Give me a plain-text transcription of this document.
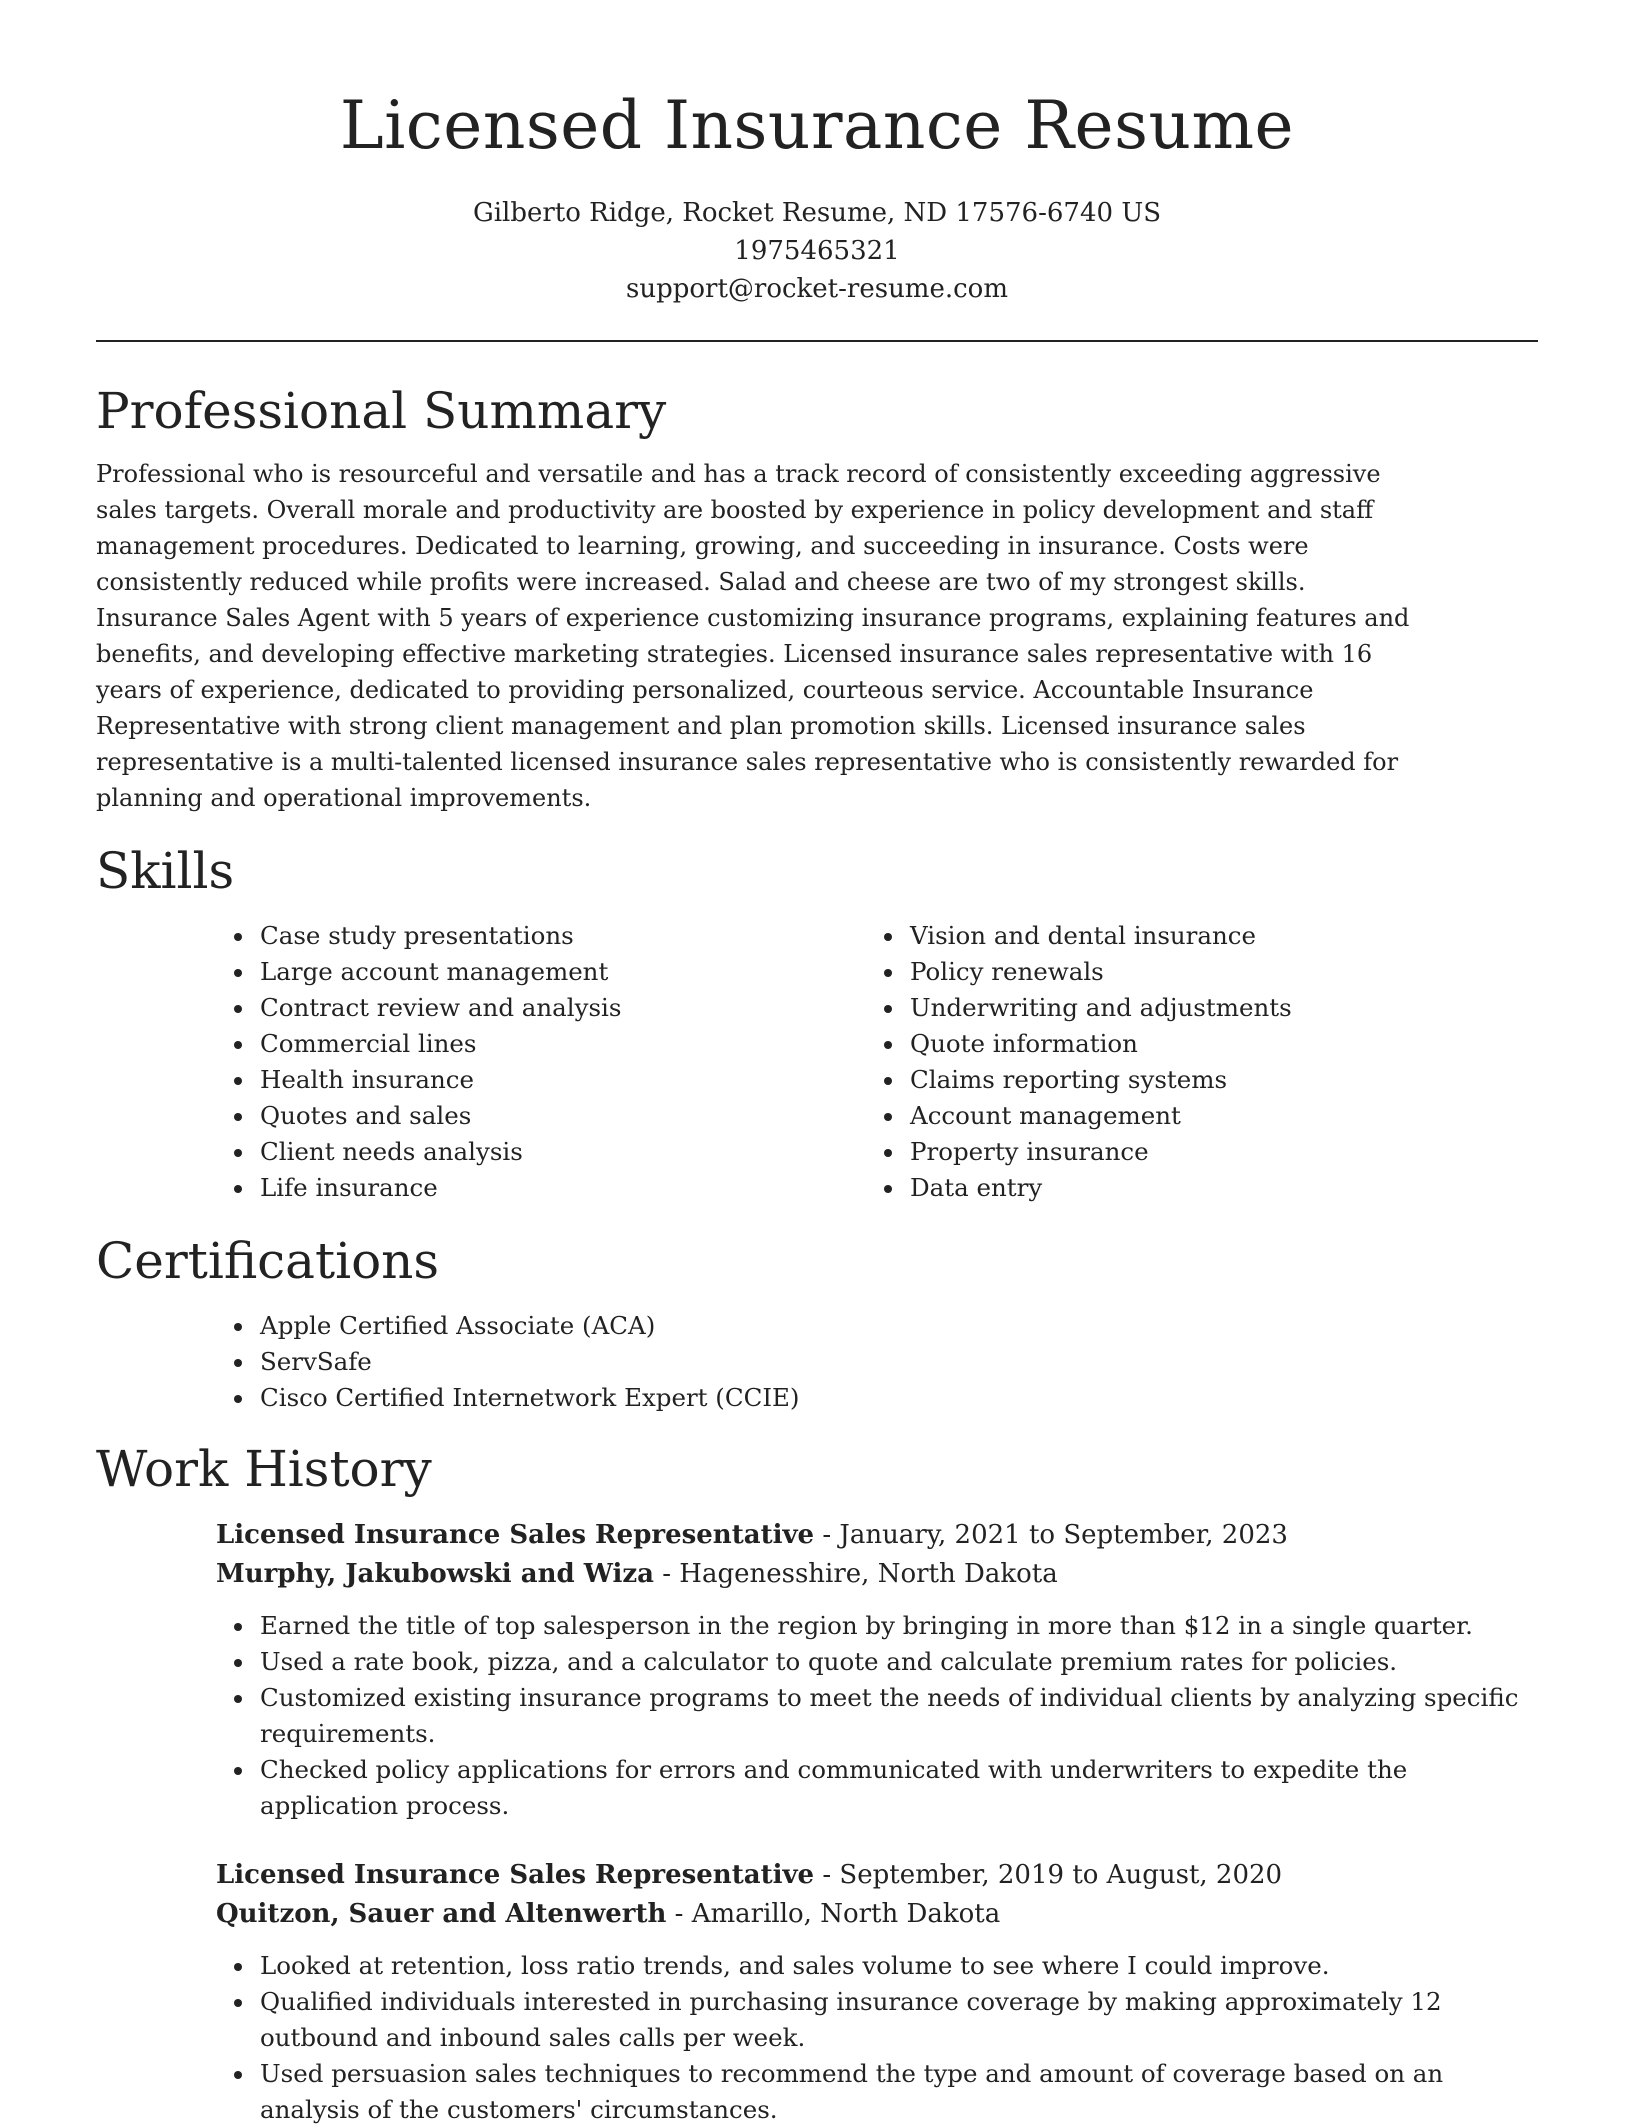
Licensed Insurance Resume
Gilberto Ridge, Rocket Resume, ND 17576-6740 US
1975465321
support@rocket-resume.com
Professional Summary

Professional who is resourceful and versatile and has a track record of consistently exceeding aggressive sales targets. Overall morale and productivity are boosted by experience in policy development and staff management procedures. Dedicated to learning, growing, and succeeding in insurance. Costs were consistently reduced while profits were increased. Salad and cheese are two of my strongest skills. Insurance Sales Agent with 5 years of experience customizing insurance programs, explaining features and benefits, and developing effective marketing strategies. Licensed insurance sales representative with 16 years of experience, dedicated to providing personalized, courteous service. Accountable Insurance Representative with strong client management and plan promotion skills. Licensed insurance sales representative is a multi-talented licensed insurance sales representative who is consistently rewarded for planning and operational improvements.

Skills
Case study presentations
Large account management
Contract review and analysis
Commercial lines
Health insurance
Quotes and sales
Client needs analysis
Life insurance
Vision and dental insurance
Policy renewals
Underwriting and adjustments
Quote information
Claims reporting systems
Account management
Property insurance
Data entry
Certifications
Apple Certified Associate (ACA)
ServSafe
Cisco Certified Internetwork Expert (CCIE)
Work History
Licensed Insurance Sales Representative - January, 2021 to September, 2023
Murphy, Jakubowski and Wiza - Hagenesshire, North Dakota
Earned the title of top salesperson in the region by bringing in more than $12 in a single quarter.
Used a rate book, pizza, and a calculator to quote and calculate premium rates for policies.
Customized existing insurance programs to meet the needs of individual clients by analyzing specific requirements.
Checked policy applications for errors and communicated with underwriters to expedite the application process.
Licensed Insurance Sales Representative - September, 2019 to August, 2020
Quitzon, Sauer and Altenwerth - Amarillo, North Dakota
Looked at retention, loss ratio trends, and sales volume to see where I could improve.
Qualified individuals interested in purchasing insurance coverage by making approximately 12 outbound and inbound sales calls per week.
Used persuasion sales techniques to recommend the type and amount of coverage based on an analysis of the customers' circumstances.
